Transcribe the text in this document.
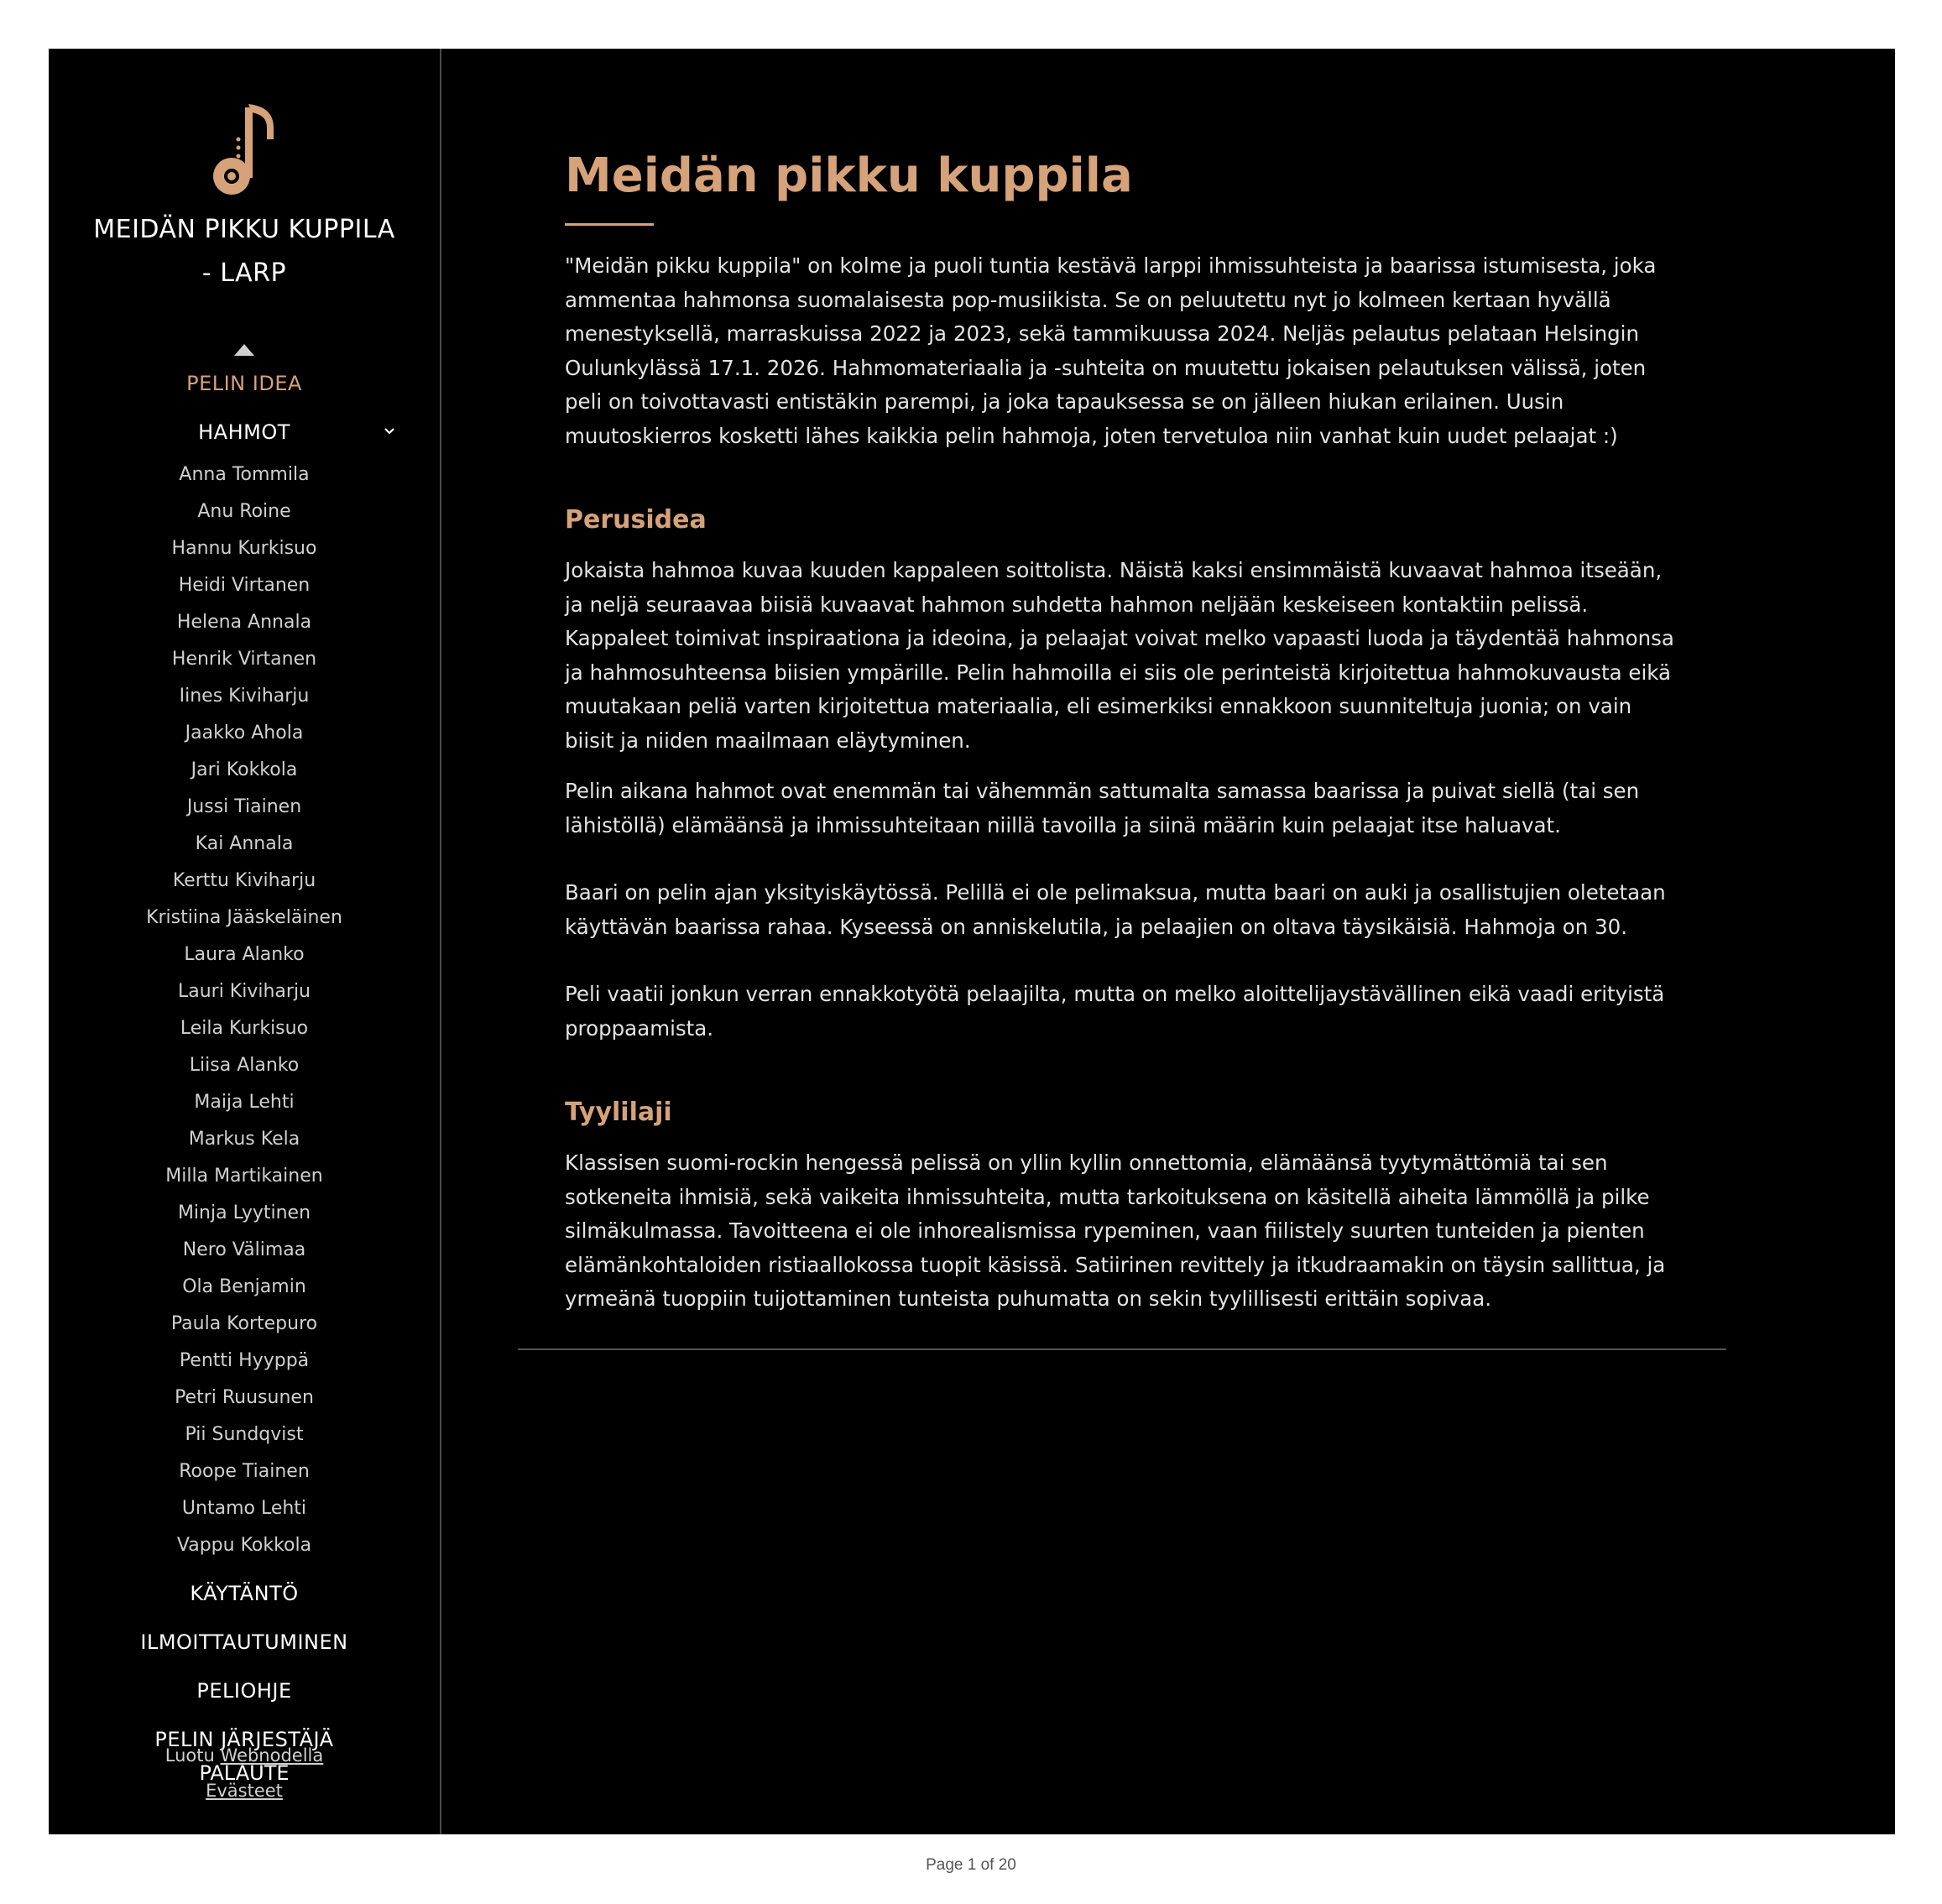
MEIDÄN PIKKU KUPPILA
- LARP
PELIN IDEA
HAHMOT
Anna Tommila
Anu Roine
Hannu Kurkisuo
Heidi Virtanen
Helena Annala
Henrik Virtanen
Iines Kiviharju
Jaakko Ahola
Jari Kokkola
Jussi Tiainen
Kai Annala
Kerttu Kiviharju
Kristiina Jääskeläinen
Laura Alanko
Lauri Kiviharju
Leila Kurkisuo
Liisa Alanko
Maija Lehti
Markus Kela
Milla Martikainen
Minja Lyytinen
Nero Välimaa
Ola Benjamin
Paula Kortepuro
Pentti Hyyppä
Petri Ruusunen
Pii Sundqvist
Roope Tiainen
Untamo Lehti
Vappu Kokkola
KÄYTÄNTÖ
ILMOITTAUTUMINEN
PELIOHJE
PELIN JÄRJESTÄJÄ
Luotu Webnodella
PALAUTE
Evästeet
Meidän pikku kuppila

"Meidän pikku kuppila" on kolme ja puoli tuntia kestävä larppi ihmissuhteista ja baarissa istumisesta, joka ammentaa hahmonsa suomalaisesta pop-musiikista. Se on peluutettu nyt jo kolmeen kertaan hyvällä menestyksellä, marraskuissa 2022 ja 2023, sekä tammikuussa 2024. Neljäs pelautus pelataan Helsingin Oulunkylässä 17.1. 2026. Hahmomateriaalia ja -suhteita on muutettu jokaisen pelautuksen välissä, joten peli on toivottavasti entistäkin parempi, ja joka tapauksessa se on jälleen hiukan erilainen. Uusin muutoskierros kosketti lähes kaikkia pelin hahmoja, joten tervetuloa niin vanhat kuin uudet pelaajat :)

Perusidea

Jokaista hahmoa kuvaa kuuden kappaleen soittolista. Näistä kaksi ensimmäistä kuvaavat hahmoa itseään, ja neljä seuraavaa biisiä kuvaavat hahmon suhdetta hahmon neljään keskeiseen kontaktiin pelissä. Kappaleet toimivat inspiraationa ja ideoina, ja pelaajat voivat melko vapaasti luoda ja täydentää hahmonsa ja hahmosuhteensa biisien ympärille. Pelin hahmoilla ei siis ole perinteistä kirjoitettua hahmokuvausta eikä muutakaan peliä varten kirjoitettua materiaalia, eli esimerkiksi ennakkoon suunniteltuja juonia; on vain biisit ja niiden maailmaan eläytyminen.

Pelin aikana hahmot ovat enemmän tai vähemmän sattumalta samassa baarissa ja puivat siellä (tai sen lähistöllä) elämäänsä ja ihmissuhteitaan niillä tavoilla ja siinä määrin kuin pelaajat itse haluavat.

Baari on pelin ajan yksityiskäytössä. Pelillä ei ole pelimaksua, mutta baari on auki ja osallistujien oletetaan käyttävän baarissa rahaa. Kyseessä on anniskelutila, ja pelaajien on oltava täysikäisiä. Hahmoja on 30.

Peli vaatii jonkun verran ennakkotyötä pelaajilta, mutta on melko aloittelijaystävällinen eikä vaadi erityistä proppaamista.

Tyylilaji

Klassisen suomi-rockin hengessä pelissä on yllin kyllin onnettomia, elämäänsä tyytymättömiä tai sen sotkeneita ihmisiä, sekä vaikeita ihmissuhteita, mutta tarkoituksena on käsitellä aiheita lämmöllä ja pilke silmäkulmassa. Tavoitteena ei ole inhorealismissa rypeminen, vaan fiilistely suurten tunteiden ja pienten elämänkohtaloiden ristiaallokossa tuopit käsissä. Satiirinen revittely ja itkudraamakin on täysin sallittua, ja yrmeänä tuoppiin tuijottaminen tunteista puhumatta on sekin tyylillisesti erittäin sopivaa.

Page 1 of 20
